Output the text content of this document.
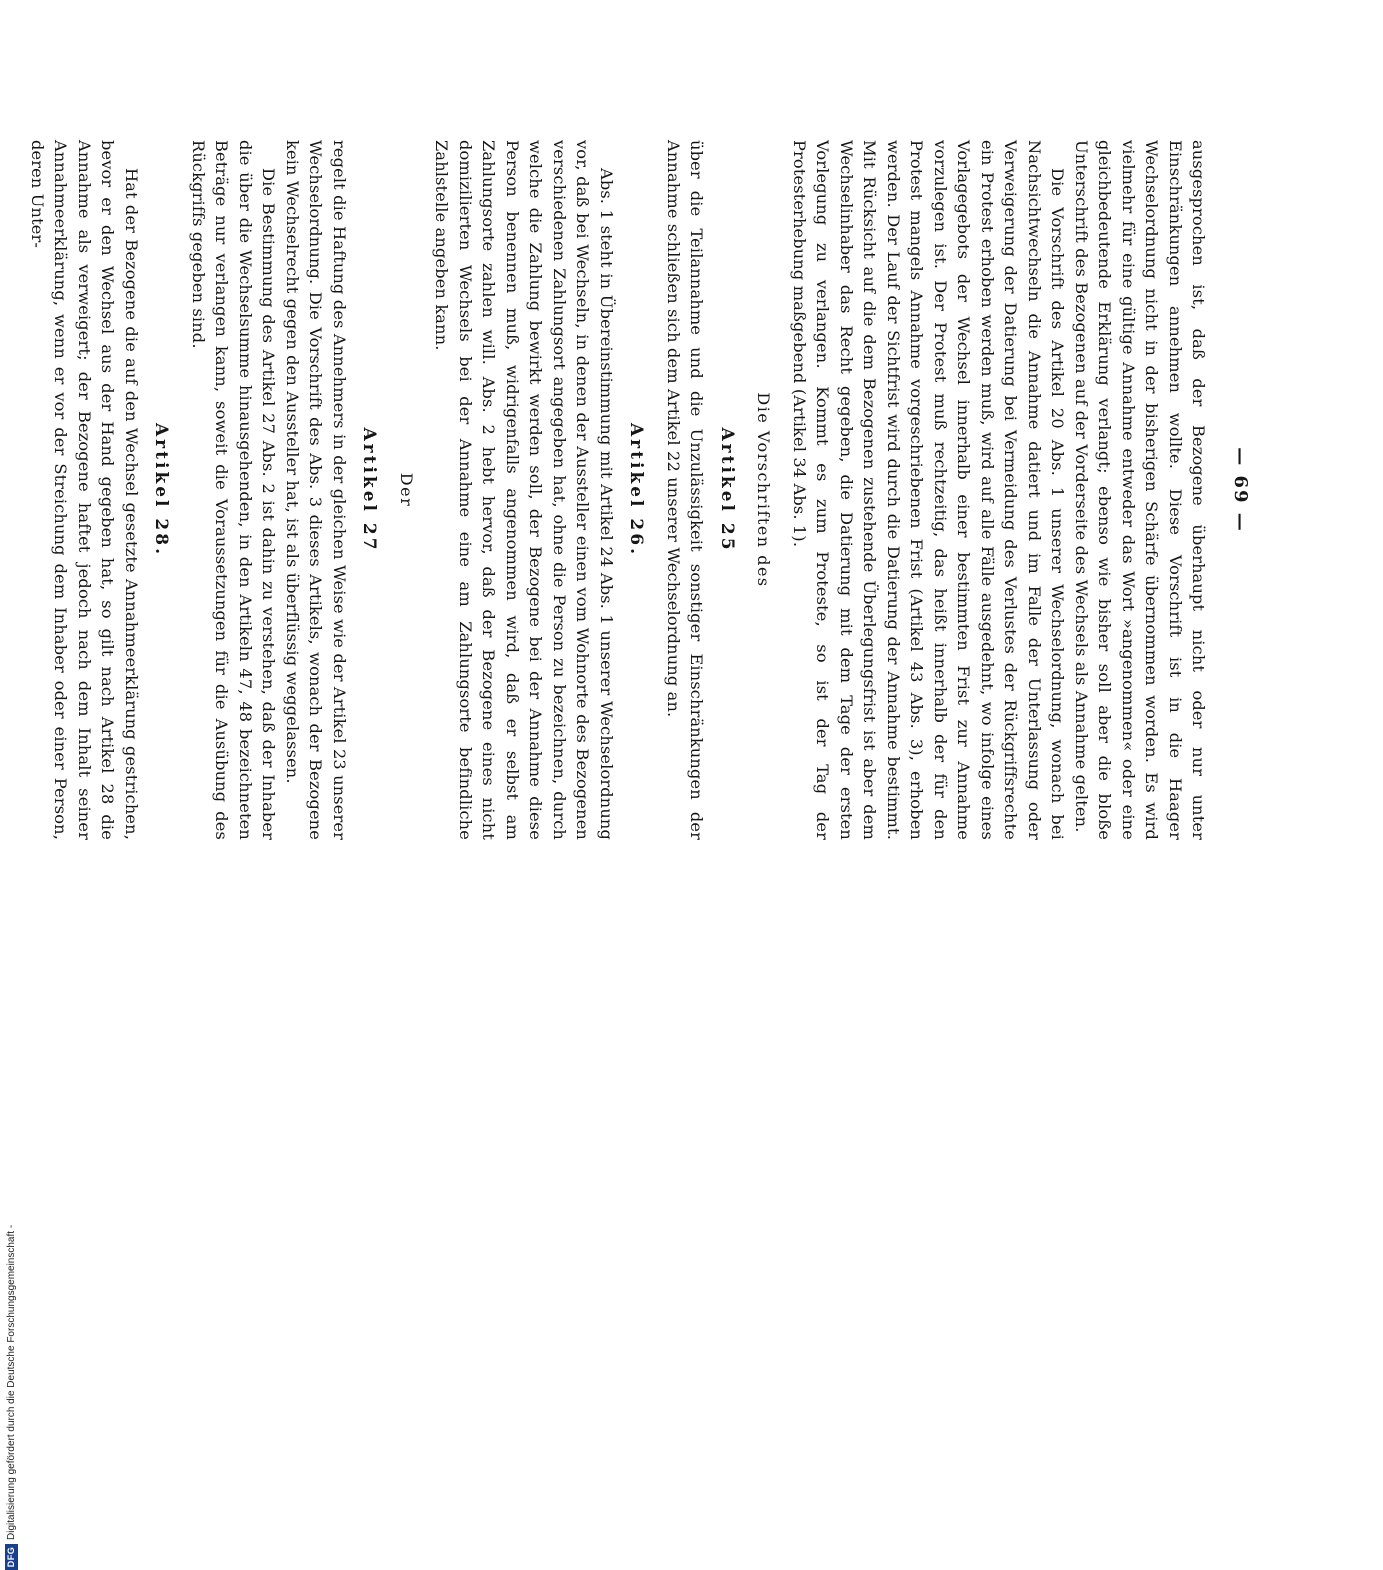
— 69 —

ausgesprochen ist, daß der Bezogene überhaupt nicht oder nur unter Einschränkungen annehmen wollte. Diese Vorschrift ist in die Haager Wechselordnung nicht in der bisherigen Schärfe übernommen worden. Es wird vielmehr für eine gültige Annahme entweder das Wort »angenommen« oder eine gleichbedeutende Erklärung verlangt; ebenso wie bisher soll aber die bloße Unterschrift des Bezogenen auf der Vorderseite des Wechsels als Annahme gelten.

Die Vorschrift des Artikel 20 Abs. 1 unserer Wechselordnung, wonach bei Nachsichtwechseln die Annahme datiert und im Falle der Unterlassung oder Verweigerung der Datierung bei Vermeidung des Verlustes der Rückgriffsrechte ein Protest erhoben werden muß, wird auf alle Fälle ausgedehnt, wo infolge eines Vorlagegebots der Wechsel innerhalb einer bestimmten Frist zur Annahme vorzulegen ist. Der Protest muß rechtzeitig, das heißt innerhalb der für den Protest mangels Annahme vorgeschriebenen Frist (Artikel 43 Abs. 3), erhoben werden. Der Lauf der Sichtfrist wird durch die Datierung der Annahme bestimmt. Mit Rücksicht auf die dem Bezogenen zustehende Überlegungsfrist ist aber dem Wechselinhaber das Recht gegeben, die Datierung mit dem Tage der ersten Vorlegung zu verlangen. Kommt es zum Proteste, so ist der Tag der Protesterhebung maßgebend (Artikel 34 Abs. 1).

Die Vorschriften des
Artikel 25

über die Teilannahme und die Unzulässigkeit sonstiger Einschränkungen der Annahme schließen sich dem Artikel 22 unserer Wechselordnung an.

Artikel 26.

Abs. 1 steht in Übereinstimmung mit Artikel 24 Abs. 1 unserer Wechselordnung vor, daß bei Wechseln, in denen der Aussteller einen vom Wohnorte des Bezogenen verschiedenen Zahlungsort angegeben hat, ohne die Person zu bezeichnen, durch welche die Zahlung bewirkt werden soll, der Bezogene bei der Annahme diese Person benennen muß, widrigenfalls angenommen wird, daß er selbst am Zahlungsorte zahlen will. Abs. 2 hebt hervor, daß der Bezogene eines nicht domizilierten Wechsels bei der Annahme eine am Zahlungsorte befindliche Zahlstelle angeben kann.

Der
Artikel 27

regelt die Haftung des Annehmers in der gleichen Weise wie der Artikel 23 unserer Wechselordnung. Die Vorschrift des Abs. 3 dieses Artikels, wonach der Bezogene kein Wechselrecht gegen den Aussteller hat, ist als überflüssig weggelassen.

Die Bestimmung des Artikel 27 Abs. 2 ist dahin zu verstehen, daß der Inhaber die über die Wechselsumme hinausgehenden, in den Artikeln 47, 48 bezeichneten Beträge nur verlangen kann, soweit die Voraussetzungen für die Ausübung des Rückgriffs gegeben sind.

Artikel 28.

Hat der Bezogene die auf den Wechsel gesetzte Annahmeerklärung gestrichen, bevor er den Wechsel aus der Hand gegeben hat, so gilt nach Artikel 28 die Annahme als verweigert; der Bezogene haftet jedoch nach dem Inhalt seiner Annahmeerklärung, wenn er vor der Streichung dem Inhaber oder einer Person, deren Unter-

DFG
Digitalisierung gefördert durch die Deutsche Forschungsgemeinschaft -
